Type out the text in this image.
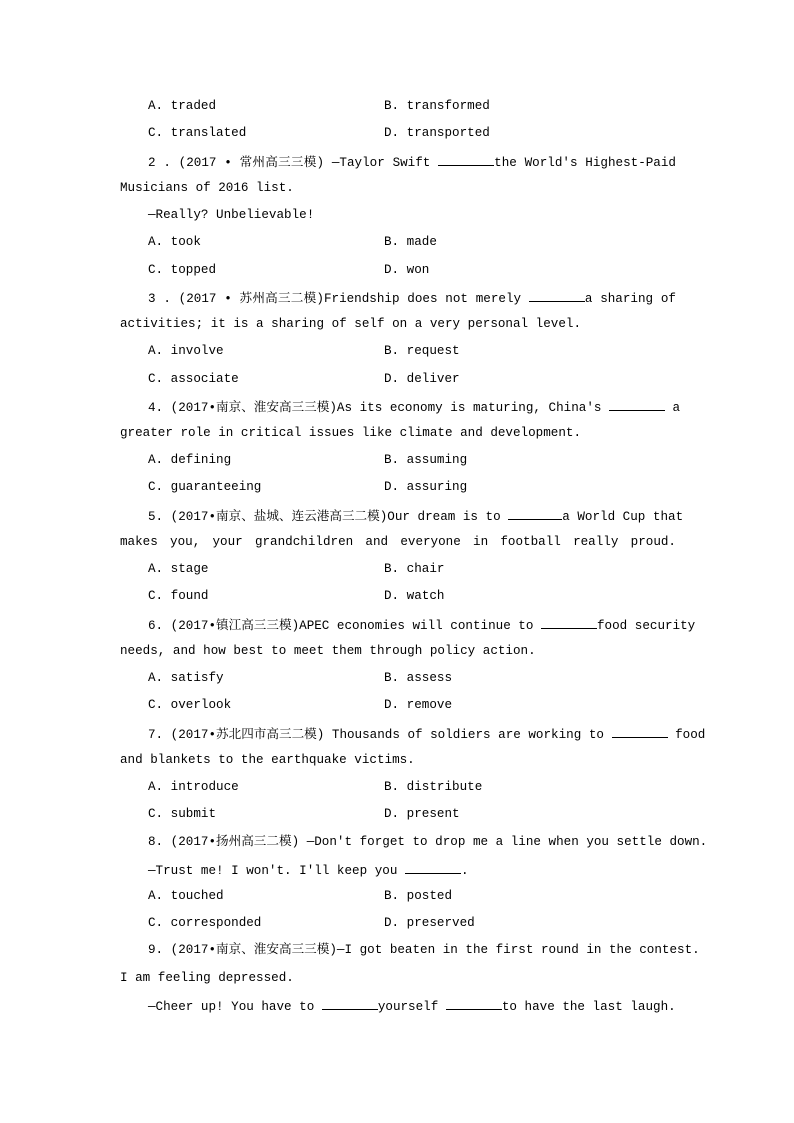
A. traded	B. transformed
C. translated	D. transported
2 . (2017 • 常州高三三模) —Taylor Swift	the World's Highest-Paid
Musicians of 2016 list.
—Really? Unbelievable!
A. took	B. made
C. topped	D. won
3 . (2017 • 苏州高三二模)Friendship does not merely	a sharing of
activities; it is a sharing of self on a very personal level.
A. involve	B. request
C. associate	D. deliver
4. (2017•南京、淮安高三三模)As its economy is maturing, China's	a
greater role in critical issues like climate and development.
A. defining	B. assuming
C. guaranteeing	D. assuring
5. (2017•南京、盐城、连云港高三二模)Our dream is to	a World Cup that
makes you, your grandchildren and everyone in football really proud.
A. stage	B. chair
C. found	D. watch
6. (2017•镇江高三三模)APEC economies will continue to	food security
needs, and how best to meet them through policy action.
A. satisfy	B. assess
C. overlook	D. remove
7. (2017•苏北四市高三二模) Thousands of soldiers are working to	food
and blankets to the earthquake victims.
A. introduce	B. distribute
C. submit	D. present
8. (2017•扬州高三二模) —Don't forget to drop me a line when you settle down.
—Trust me! I won't. I'll keep you	.
A. touched	B. posted
C. corresponded	D. preserved
9. (2017•南京、淮安高三三模)—I got beaten in the first round in the contest.
I am feeling depressed.
—Cheer up! You have to	yourself	to have the last laugh.
